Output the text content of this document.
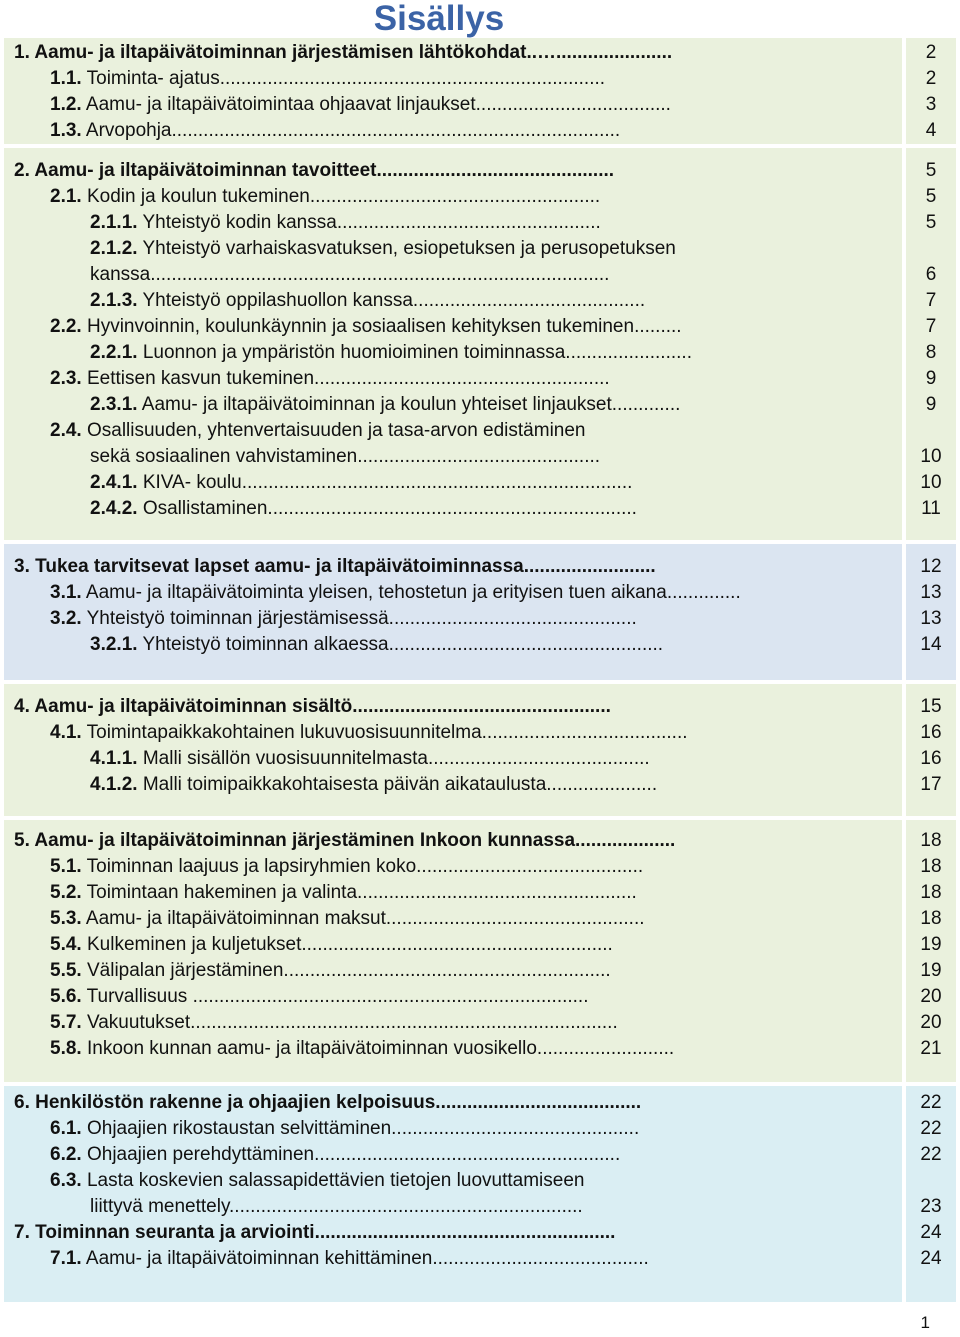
Sisällys
1. Aamu- ja iltapäivätoiminnan järjestämisen lähtökohdat..…......................
1.1. Toiminta- ajatus.........................................................................
1.2. Aamu- ja iltapäivätoimintaa ohjaavat linjaukset.....................................
1.3. Arvopohja.....................................................................................
2
2
3
4
2. Aamu- ja iltapäivätoiminnan tavoitteet.............................................
2.1. Kodin ja koulun tukeminen.......................................................
2.1.1. Yhteistyö kodin kanssa..................................................
2.1.2. Yhteistyö varhaiskasvatuksen, esiopetuksen ja perusopetuksen
kanssa.......................................................................................
2.1.3. Yhteistyö oppilashuollon kanssa............................................
2.2. Hyvinvoinnin, koulunkäynnin ja sosiaalisen kehityksen tukeminen.........
2.2.1. Luonnon ja ympäristön huomioiminen toiminnassa........................
2.3. Eettisen kasvun tukeminen........................................................
2.3.1. Aamu- ja iltapäivätoiminnan ja koulun yhteiset linjaukset.............
2.4. Osallisuuden, yhtenvertaisuuden ja tasa-arvon edistäminen
sekä sosiaalinen vahvistaminen..............................................
2.4.1. KIVA- koulu..........................................................................
2.4.2. Osallistaminen......................................................................
5
5
5
6
7
7
8
9
9
10
10
11
3. Tukea tarvitsevat lapset aamu- ja iltapäivätoiminnassa.........................
3.1. Aamu- ja iltapäivätoiminta yleisen, tehostetun ja erityisen tuen aikana..............
3.2. Yhteistyö toiminnan järjestämisessä...............................................
3.2.1. Yhteistyö toiminnan alkaessa....................................................
12
13
13
14
4. Aamu- ja iltapäivätoiminnan sisältö.................................................
4.1. Toimintapaikkakohtainen lukuvuosisuunnitelma.......................................
4.1.1. Malli sisällön vuosisuunnitelmasta..........................................
4.1.2. Malli toimipaikkakohtaisesta päivän aikataulusta.....................
15
16
16
17
5. Aamu- ja iltapäivätoiminnan järjestäminen Inkoon kunnassa...................
5.1. Toiminnan laajuus ja lapsiryhmien koko...........................................
5.2. Toimintaan hakeminen ja valinta.....................................................
5.3. Aamu- ja iltapäivätoiminnan maksut.................................................
5.4. Kulkeminen ja kuljetukset...........................................................
5.5. Välipalan järjestäminen..............................................................
5.6. Turvallisuus ...........................................................................
5.7. Vakuutukset.................................................................................
5.8. Inkoon kunnan aamu- ja iltapäivätoiminnan vuosikello..........................
18
18
18
18
19
19
20
20
21
6. Henkilöstön rakenne ja ohjaajien kelpoisuus.......................................
6.1. Ohjaajien rikostaustan selvittäminen...............................................
6.2. Ohjaajien perehdyttäminen..........................................................
6.3. Lasta koskevien salassapidettävien tietojen luovuttamiseen
liittyvä menettely...................................................................
7. Toiminnan seuranta ja arviointi.........................................................
7.1. Aamu- ja iltapäivätoiminnan kehittäminen.........................................
22
22
22
23
24
24
1
